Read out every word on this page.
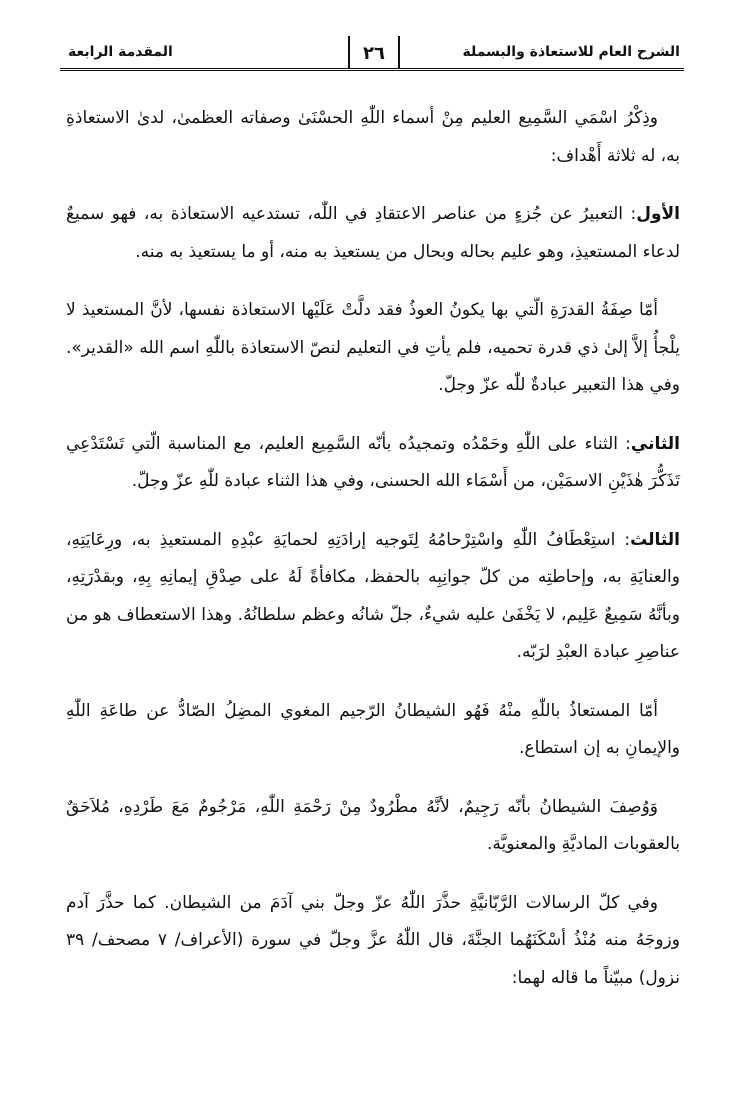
الشرح العام للاستعاذة والبسملة
٢٦
المقدمة الرابعة

وذِكْرُ اسْمَي السَّمِيع العليم مِنْ أسماء اللّٰهِ الحسْنَىٰ وصفاته العظمىٰ، لدىٰ الاستعاذةِ به، له ثلاثة أَهْداف:

الأول: التعبيرُ عن جُزءٍ من عناصر الاعتقادِ في اللّٰه، تستدعيه الاستعاذة به، فهو سميعٌ لدعاء المستعيذِ، وهو عليم بحاله وبحال من يستعيذ به منه، أو ما يستعيذ به منه.

أمّا صِفَةُ القدرَةِ الّتي بها يكونُ العوذُ فقد دلَّتْ عَلَيْها الاستعاذة نفسها، لأنَّ المستعيذ لا يلْجأُ إلاَّ إلىٰ ذي قدرة تحميه، فلم يأتِ في التعليم لنصّ الاستعاذة باللّٰهِ اسم الله «القدير». وفي هذا التعبير عبادةٌ للّٰه عزّ وجلّ.

الثاني: الثناء على اللّٰهِ وحَمْدُه وتمجيدُه بأنّه السَّمِيع العليم، مع المناسبة الّتي تَسْتَدْعِي تَذَكُّرَ هٰذَيْنِ الاسمَيْن، من أَسْمَاء الله الحسنى، وفي هذا الثناء عبادة للّٰهِ عزّ وجلّ.

الثالث: استِعْطَافُ اللّٰهِ واسْتِرْحامُهُ لِتَوجيه إرادَتِهِ لحمايَةِ عبْدِهِ المستعيذِ به، ورِعَايَتِهِ، والعنايَةِ به، وإحاطتِه من كلّ جوانِبِه بالحفظ، مكافأةً لَهُ على صِدْقِ إيمانِهِ بِهِ، وبقدْرَتِهِ، وبأنَّهُ سَمِيعٌ عَلِيم، لا يَخْفَىٰ عليه شيءٌ، جلّ شانُه وعظم سلطانُهُ. وهذا الاستعطاف هو من عناصِرِ عبادة العبْدِ لرَبّه.

أمّا المستعاذُ باللّٰهِ منْهُ فَهُو الشيطانُ الرّجيم المغوي المضِلُ الصّادُّ عن طاعَةِ اللّٰهِ والإيمانِ به إن استطاع.

وَوُصِفَ الشيطانُ بأنّه رَجِيمٌ، لأنَّهُ مطْرُودٌ مِنْ رَحْمَةِ اللّٰهِ، مَرْجُومٌ مَعَ طَرْدِهِ، مُلاَحَقٌ بالعقوبات الماديَّةِ والمعنويَّة.

وفي كلّ الرسالات الرَّبّانيَّةِ حذَّرَ اللّٰهُ عزّ وجلّ بني آدَمَ من الشيطان. كما حذَّرَ آدم وزوجَهُ منه مُنْذُ أسْكَنَهُما الجنَّةَ، قال اللّٰهُ عزَّ وجلّ في سورة (الأعراف/ ٧ مصحف/ ٣٩ نزول) مبيّناً ما قاله لهما:
